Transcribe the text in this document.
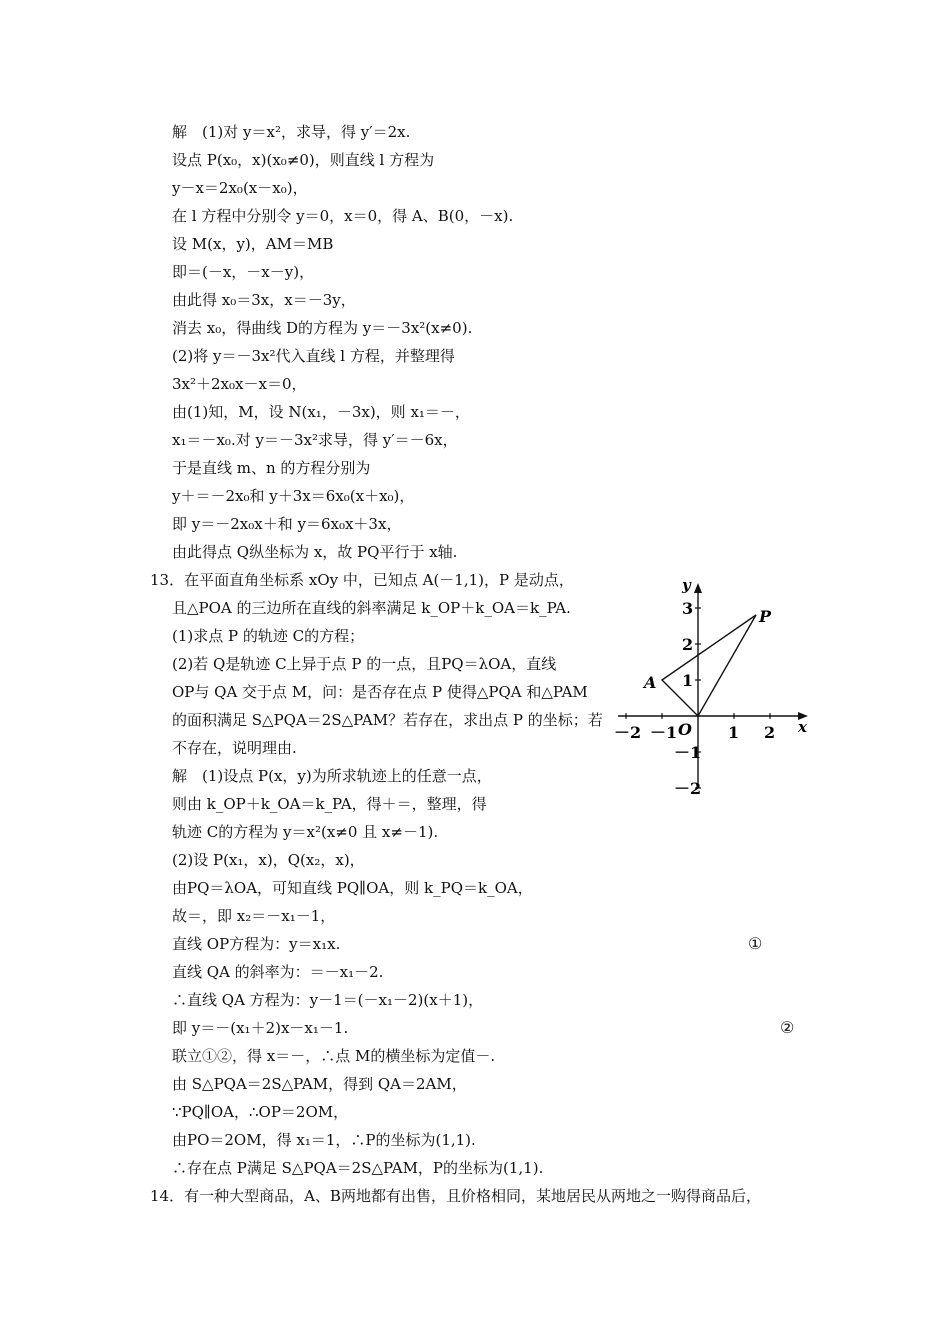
解　(1)对 y＝x²，求导，得 y′＝2x.
设点 P(x₀，x)(x₀≠0)，则直线 l 方程为
y－x＝2x₀(x－x₀)，
在 l 方程中分别令 y＝0，x＝0，得 A、B(0，－x).
设 M(x，y)，AM＝MB
即＝(－x，－x－y)，
由此得 x₀＝3x，x＝－3y，
消去 x₀，得曲线 D的方程为 y＝－3x²(x≠0).
(2)将 y＝－3x²代入直线 l 方程，并整理得
3x²＋2x₀x－x＝0，
由(1)知，M，设 N(x₁，－3x)，则 x₁＝－，
x₁＝－x₀.对 y＝－3x²求导，得 y′＝－6x，
于是直线 m、n 的方程分别为
y＋＝－2x₀和 y＋3x＝6x₀(x＋x₀)，
即 y＝－2x₀x＋和 y＝6x₀x＋3x，
由此得点 Q纵坐标为 x，故 PQ平行于 x轴.
13．在平面直角坐标系 xOy 中，已知点 A(－1,1)，P 是动点，
且△POA 的三边所在直线的斜率满足 k_OP＋k_OA＝k_PA.
(1)求点 P 的轨迹 C的方程；
(2)若 Q是轨迹 C上异于点 P 的一点，且PQ＝λOA，直线
OP与 QA 交于点 M，问：是否存在点 P 使得△PQA 和△PAM
的面积满足 S△PQA＝2S△PAM？若存在，求出点 P 的坐标；若
不存在，说明理由.
解　(1)设点 P(x，y)为所求轨迹上的任意一点，
则由 k_OP＋k_OA＝k_PA，得＋＝，整理，得
轨迹 C的方程为 y＝x²(x≠0 且 x≠－1).
(2)设 P(x₁，x)，Q(x₂，x)，
由PQ＝λOA，可知直线 PQ∥OA，则 k_PQ＝k_OA，
故＝，即 x₂＝－x₁－1，
直线 OP方程为：y＝x₁x.
直线 QA 的斜率为：＝－x₁－2.
∴直线 QA 方程为：y－1＝(－x₁－2)(x＋1)，
即 y＝－(x₁＋2)x－x₁－1.
联立①②，得 x＝－，∴点 M的横坐标为定值－.
由 S△PQA＝2S△PAM，得到 QA＝2AM，
∵PQ∥OA，∴OP＝2OM，
由PO＝2OM，得 x₁＝1，∴P的坐标为(1,1).
∴存在点 P满足 S△PQA＝2S△PAM，P的坐标为(1,1).
14．有一种大型商品，A、B两地都有出售，且价格相同，某地居民从两地之一购得商品后，
①
②
x
y
O
－2 －1	1 2
3
2
1
－1
－2
P
A
